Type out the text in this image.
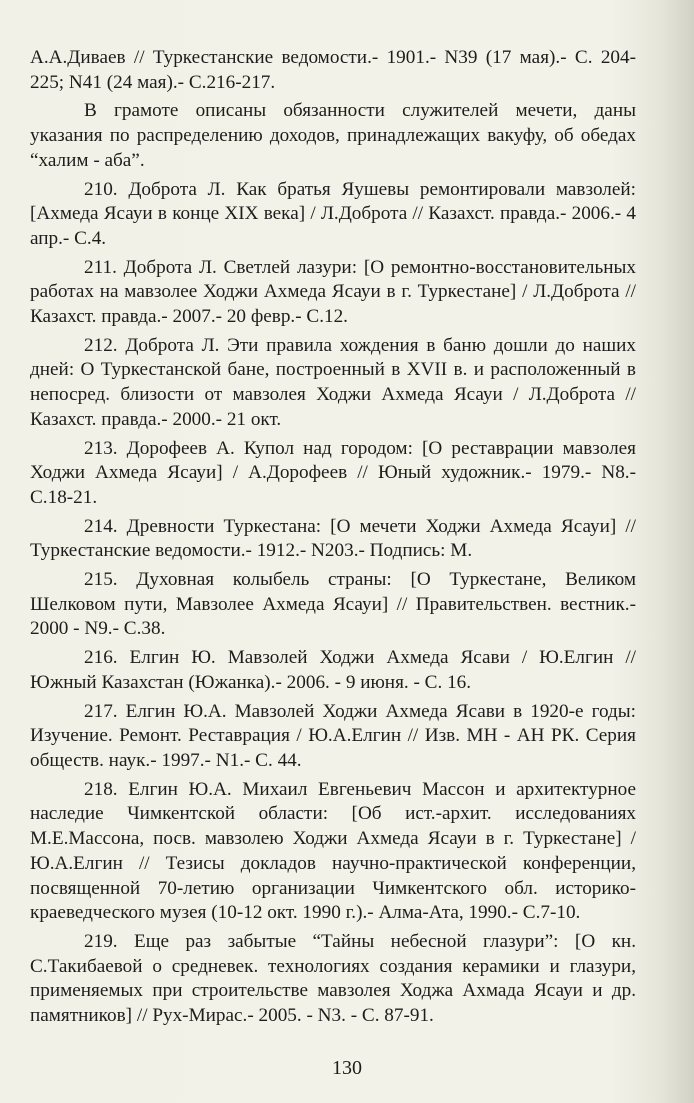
А.А.Диваев // Туркестанские ведомости.- 1901.- N39 (17 мая).- С. 204-225; N41 (24 мая).- С.216-217.

В грамоте описаны обязанности служителей мечети, даны указания по распределению доходов, принадлежащих вакуфу, об обедах “халим - аба”.

210. Доброта Л. Как братья Яушевы ремонтировали мавзолей: [Ахмеда Ясауи в конце XIX века] / Л.Доброта // Казахст. правда.- 2006.- 4 апр.- С.4.

211. Доброта Л. Светлей лазури: [О ремонтно-восстановительных работах на мавзолее Ходжи Ахмеда Ясауи в г. Туркестане] / Л.Доброта // Казахст. правда.- 2007.- 20 февр.- С.12.

212. Доброта Л. Эти правила хождения в баню дошли до наших дней: О Туркестанской бане, построенный в XVII в. и расположенный в непосред. близости от мавзолея Ходжи Ахмеда Ясауи / Л.Доброта // Казахст. правда.- 2000.- 21 окт.

213. Дорофеев А. Купол над городом: [О реставрации мавзолея Ходжи Ахмеда Ясауи] / А.Дорофеев // Юный художник.- 1979.- N8.- С.18-21.

214. Древности Туркестана: [О мечети Ходжи Ахмеда Ясауи] // Туркестанские ведомости.- 1912.- N203.- Подпись: М.

215. Духовная колыбель страны: [О Туркестане, Великом Шелковом пути, Мавзолее Ахмеда Ясауи] // Правительствен. вестник.- 2000 - N9.- С.38.

216. Елгин Ю. Мавзолей Ходжи Ахмеда Ясави / Ю.Елгин // Южный Казахстан (Южанка).- 2006. - 9 июня. - С. 16.

217. Елгин Ю.А. Мавзолей Ходжи Ахмеда Ясави в 1920-е годы: Изучение. Ремонт. Реставрация / Ю.А.Елгин // Изв. МН - АН РК. Серия обществ. наук.- 1997.- N1.- С. 44.

218. Елгин Ю.А. Михаил Евгеньевич Массон и архитектурное наследие Чимкентской области: [Об ист.-архит. исследованиях М.Е.Массона, посв. мавзолею Ходжи Ахмеда Ясауи в г. Туркестане] / Ю.А.Елгин // Тезисы докладов научно-практической конференции, посвященной 70-летию организации Чимкентского обл. историко-краеведческого музея (10-12 окт. 1990 г.).- Алма-Ата, 1990.- С.7-10.

219. Еще раз забытые “Тайны небесной глазури”: [О кн. С.Такибаевой о средневек. технологиях создания керамики и глазури, применяемых при строительстве мавзолея Ходжа Ахмада Ясауи и др. памятников] // Рух-Мирас.- 2005. - N3. - С. 87-91.

130
